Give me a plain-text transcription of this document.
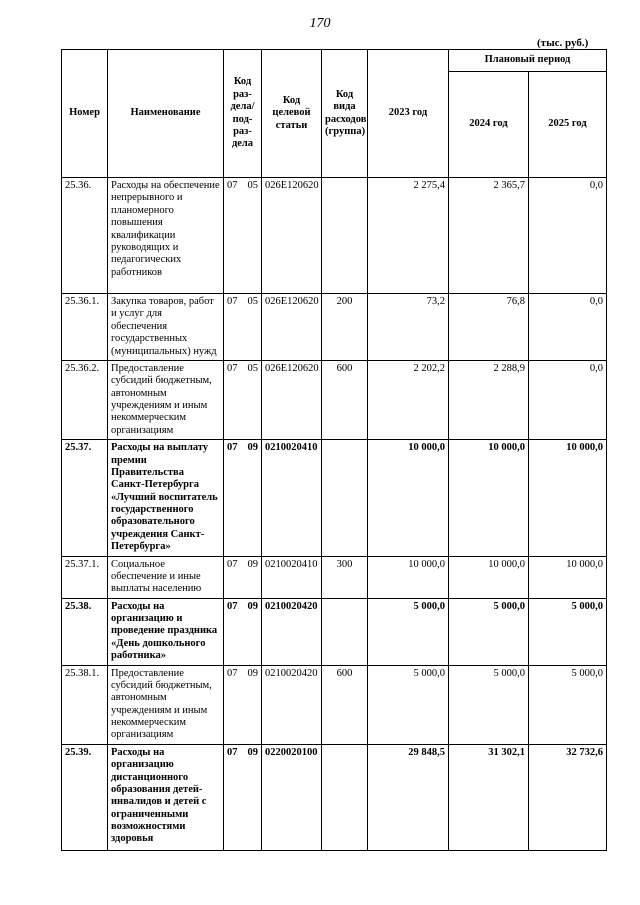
170
(тыс. руб.)
Номер	Наименование	Код раз-дела/ под-раз-дела	Код целевой статьи	Код вида расходов (группа)	2023 год	Плановый период	
						2024 год	2025 год
25.36.	Расходы на обеспечение непрерывного и планомерного повышения квалификации руководящих и педагогических работников	07 05	026E120620		2 275,4	2 365,7	0,0
25.36.1.	Закупка товаров, работ и услуг для обеспечения государственных (муниципальных) нужд	07 05	026E120620	200	73,2	76,8	0,0
25.36.2.	Предоставление субсидий бюджетным, автономным учреждениям и иным некоммерческим организациям	07 05	026E120620	600	2 202,2	2 288,9	0,0
25.37.	Расходы на выплату премии Правительства Санкт-Петербурга «Лучший воспитатель государственного образовательного учреждения Санкт-Петербурга»	07 09	0210020410		10 000,0	10 000,0	10 000,0
25.37.1.	Социальное обеспечение и иные выплаты населению	07 09	0210020410	300	10 000,0	10 000,0	10 000,0
25.38.	Расходы на организацию и проведение праздника «День дошкольного работника»	07 09	0210020420		5 000,0	5 000,0	5 000,0
25.38.1.	Предоставление субсидий бюджетным, автономным учреждениям и иным некоммерческим организациям	07 09	0210020420	600	5 000,0	5 000,0	5 000,0
25.39.	Расходы на организацию дистанционного образования детей-инвалидов и детей с ограниченными возможностями здоровья	07 09	0220020100		29 848,5	31 302,1	32 732,6
